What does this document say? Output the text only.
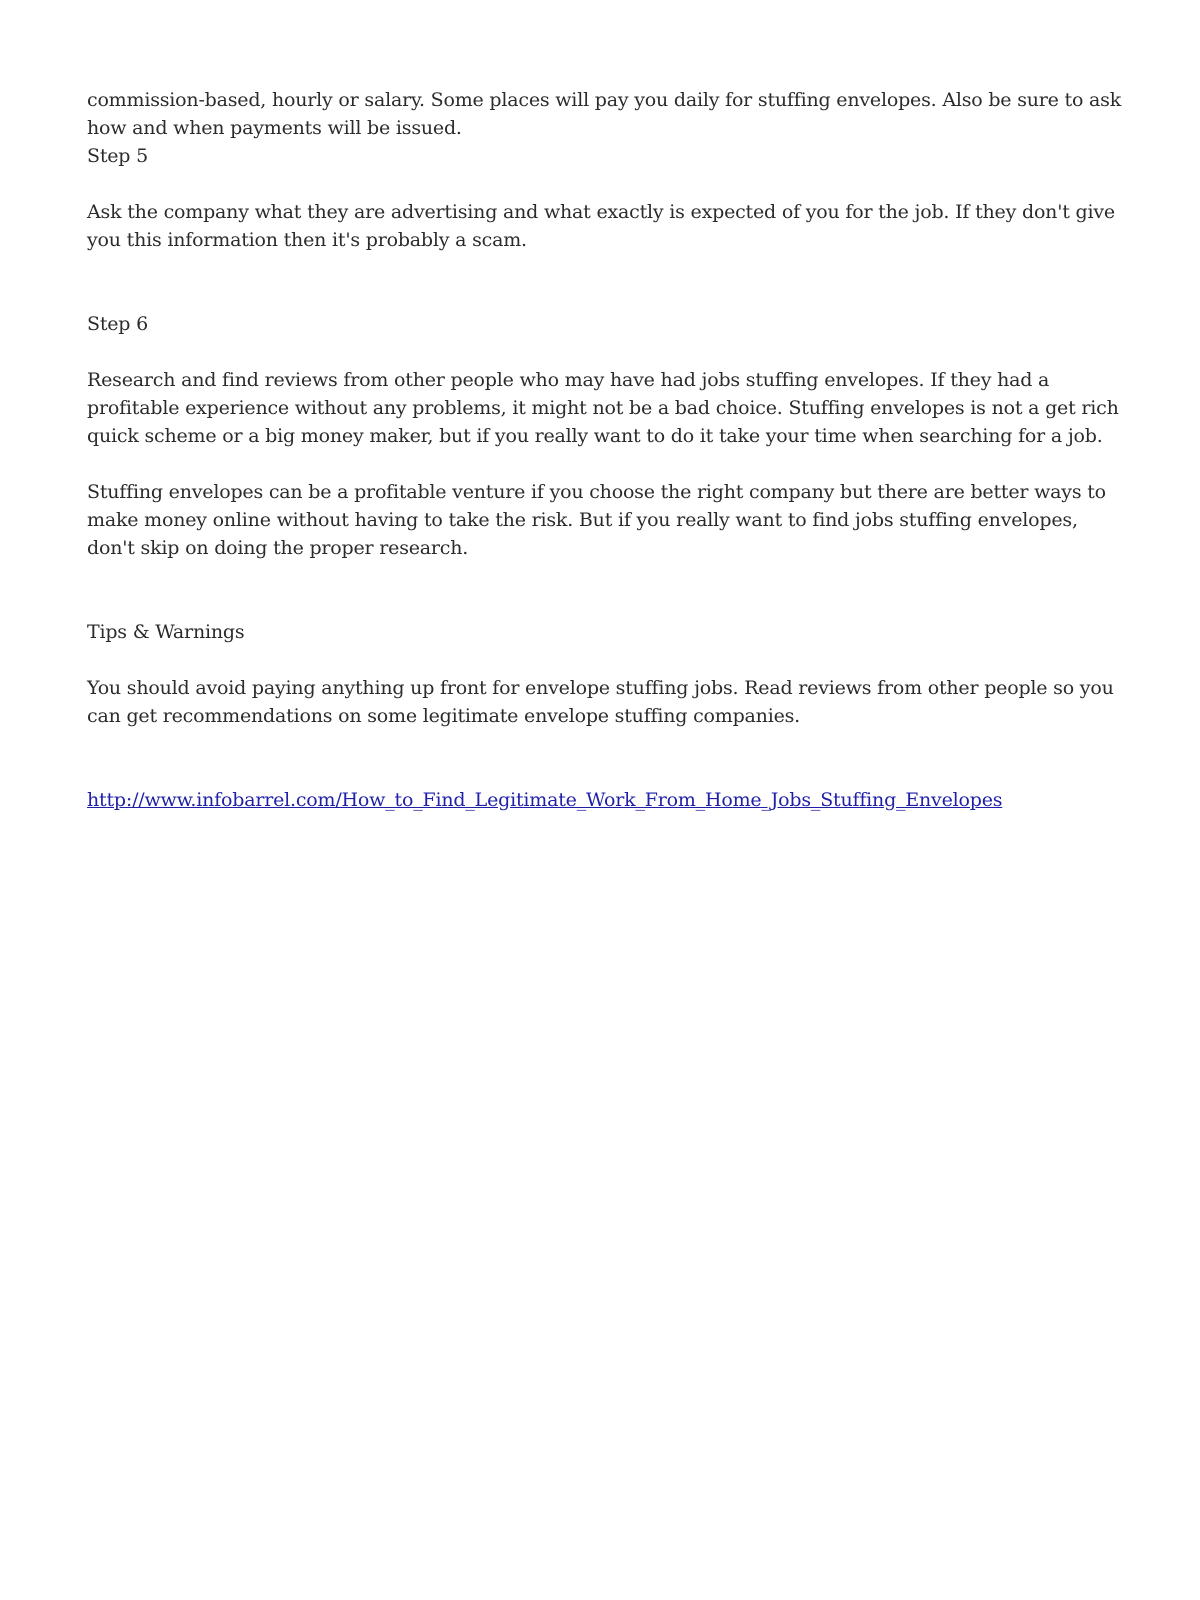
commission-based, hourly or salary. Some places will pay you daily for stuffing envelopes. Also be sure to ask how and when payments will be issued.

Step 5

Ask the company what they are advertising and what exactly is expected of you for the job. If they don't give you this information then it's probably a scam.

Step 6

Research and find reviews from other people who may have had jobs stuffing envelopes. If they had a profitable experience without any problems, it might not be a bad choice. Stuffing envelopes is not a get rich quick scheme or a big money maker, but if you really want to do it take your time when searching for a job.

Stuffing envelopes can be a profitable venture if you choose the right company but there are better ways to make money online without having to take the risk. But if you really want to find jobs stuffing envelopes, don't skip on doing the proper research.

Tips & Warnings

You should avoid paying anything up front for envelope stuffing jobs. Read reviews from other people so you can get recommendations on some legitimate envelope stuffing companies.

http://www.infobarrel.com/How_to_Find_Legitimate_Work_From_Home_Jobs_Stuffing_Envelopes
